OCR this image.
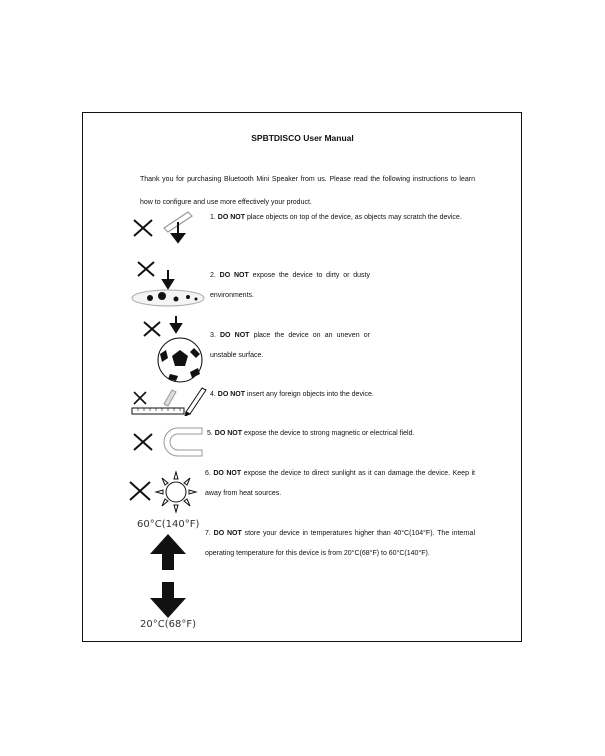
SPBTDISCO User Manual
Thank you for purchasing Bluetooth Mini Speaker from us. Please read the following instructions to learn how to configure and use more effectively your product.
1. DO NOT place objects on top of the device, as objects may scratch the device.
2. DO NOT expose the device to dirty or dusty environments.
3. DO NOT place the device on an uneven or unstable surface.
4. DO NOT insert any foreign objects into the device.
5. DO NOT expose the device to strong magnetic or electrical field.
6. DO NOT expose the device to direct sunlight as it can damage the device. Keep it away from heat sources.
60°C(140°F)
20°C(68°F)
7. DO NOT store your device in temperatures higher than 40°C(104°F). The internal operating temperature for this device is from 20°C(68°F) to 60°C(140°F).
